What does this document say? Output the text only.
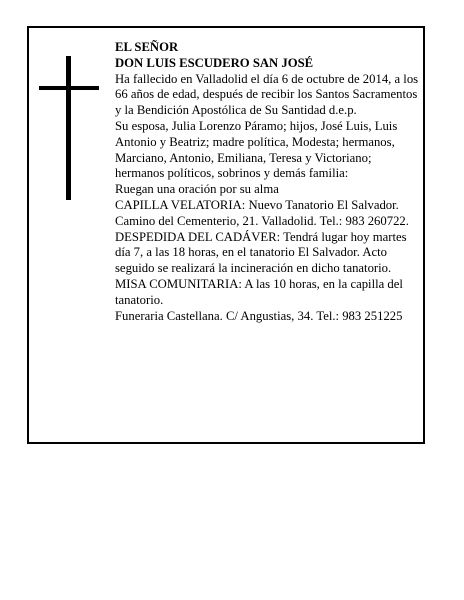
EL SEÑOR

DON LUIS ESCUDERO SAN JOSÉ

Ha fallecido en Valladolid el día 6 de octubre de 2014, a los 66 años de edad, después de recibir los Santos Sacramentos y la Bendición Apostólica de Su Santidad d.e.p.

Su esposa, Julia Lorenzo Páramo; hijos, José Luis, Luis Antonio y Beatriz; madre política, Modesta; hermanos, Marciano, Antonio, Emiliana, Teresa y Victoriano; hermanos políticos, sobrinos y demás familia:

Ruegan una oración por su alma

CAPILLA VELATORIA: Nuevo Tanatorio El Salvador. Camino del Cementerio, 21. Valladolid. Tel.: 983 260722.

DESPEDIDA DEL CADÁVER: Tendrá lugar hoy martes día 7, a las 18 horas, en el tanatorio El Salvador. Acto seguido se realizará la incineración en dicho tanatorio. MISA COMUNITARIA: A las 10 horas, en la capilla del tanatorio.

Funeraria Castellana. C/ Angustias, 34. Tel.: 983 251225
